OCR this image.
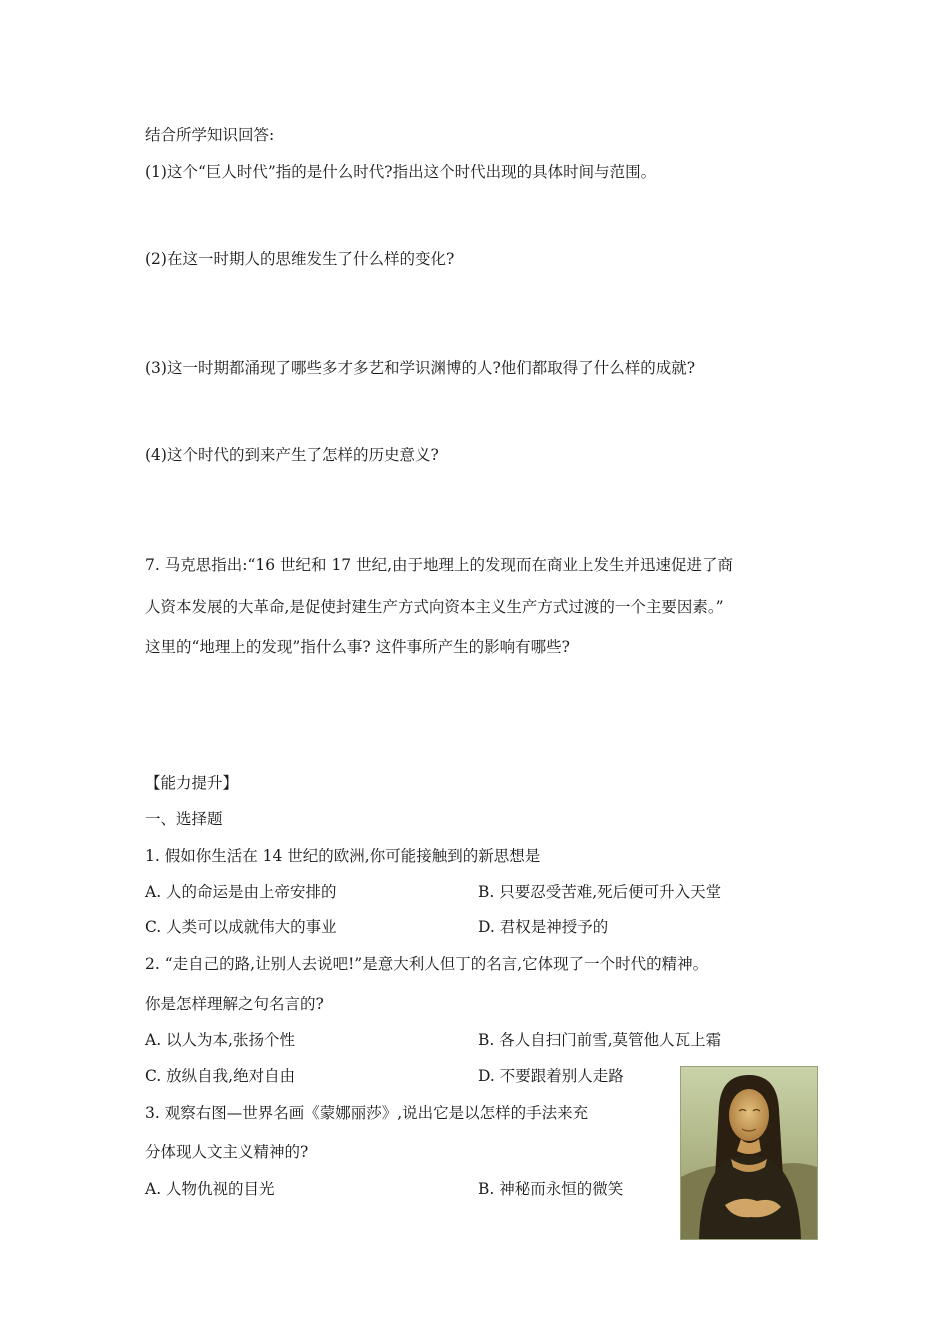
结合所学知识回答:
(1)这个“巨人时代”指的是什么时代?指出这个时代出现的具体时间与范围。
(2)在这一时期人的思维发生了什么样的变化?
(3)这一时期都涌现了哪些多才多艺和学识渊博的人?他们都取得了什么样的成就?
(4)这个时代的到来产生了怎样的历史意义?
7. 马克思指出:“16 世纪和 17 世纪,由于地理上的发现而在商业上发生并迅速促进了商
人资本发展的大革命,是促使封建生产方式向资本主义生产方式过渡的一个主要因素。”
这里的“地理上的发现”指什么事? 这件事所产生的影响有哪些?
【能力提升】
一、选择题
1. 假如你生活在 14 世纪的欧洲,你可能接触到的新思想是
A. 人的命运是由上帝安排的	B. 只要忍受苦难,死后便可升入天堂
C. 人类可以成就伟大的事业	D. 君权是神授予的
2. “走自己的路,让别人去说吧!”是意大利人但丁的名言,它体现了一个时代的精神。
你是怎样理解之句名言的?
A. 以人为本,张扬个性	B. 各人自扫门前雪,莫管他人瓦上霜
C. 放纵自我,绝对自由	D. 不要跟着别人走路
3. 观察右图—世界名画《蒙娜丽莎》,说出它是以怎样的手法来充
分体现人文主义精神的?
A. 人物仇视的目光	B. 神秘而永恒的微笑
